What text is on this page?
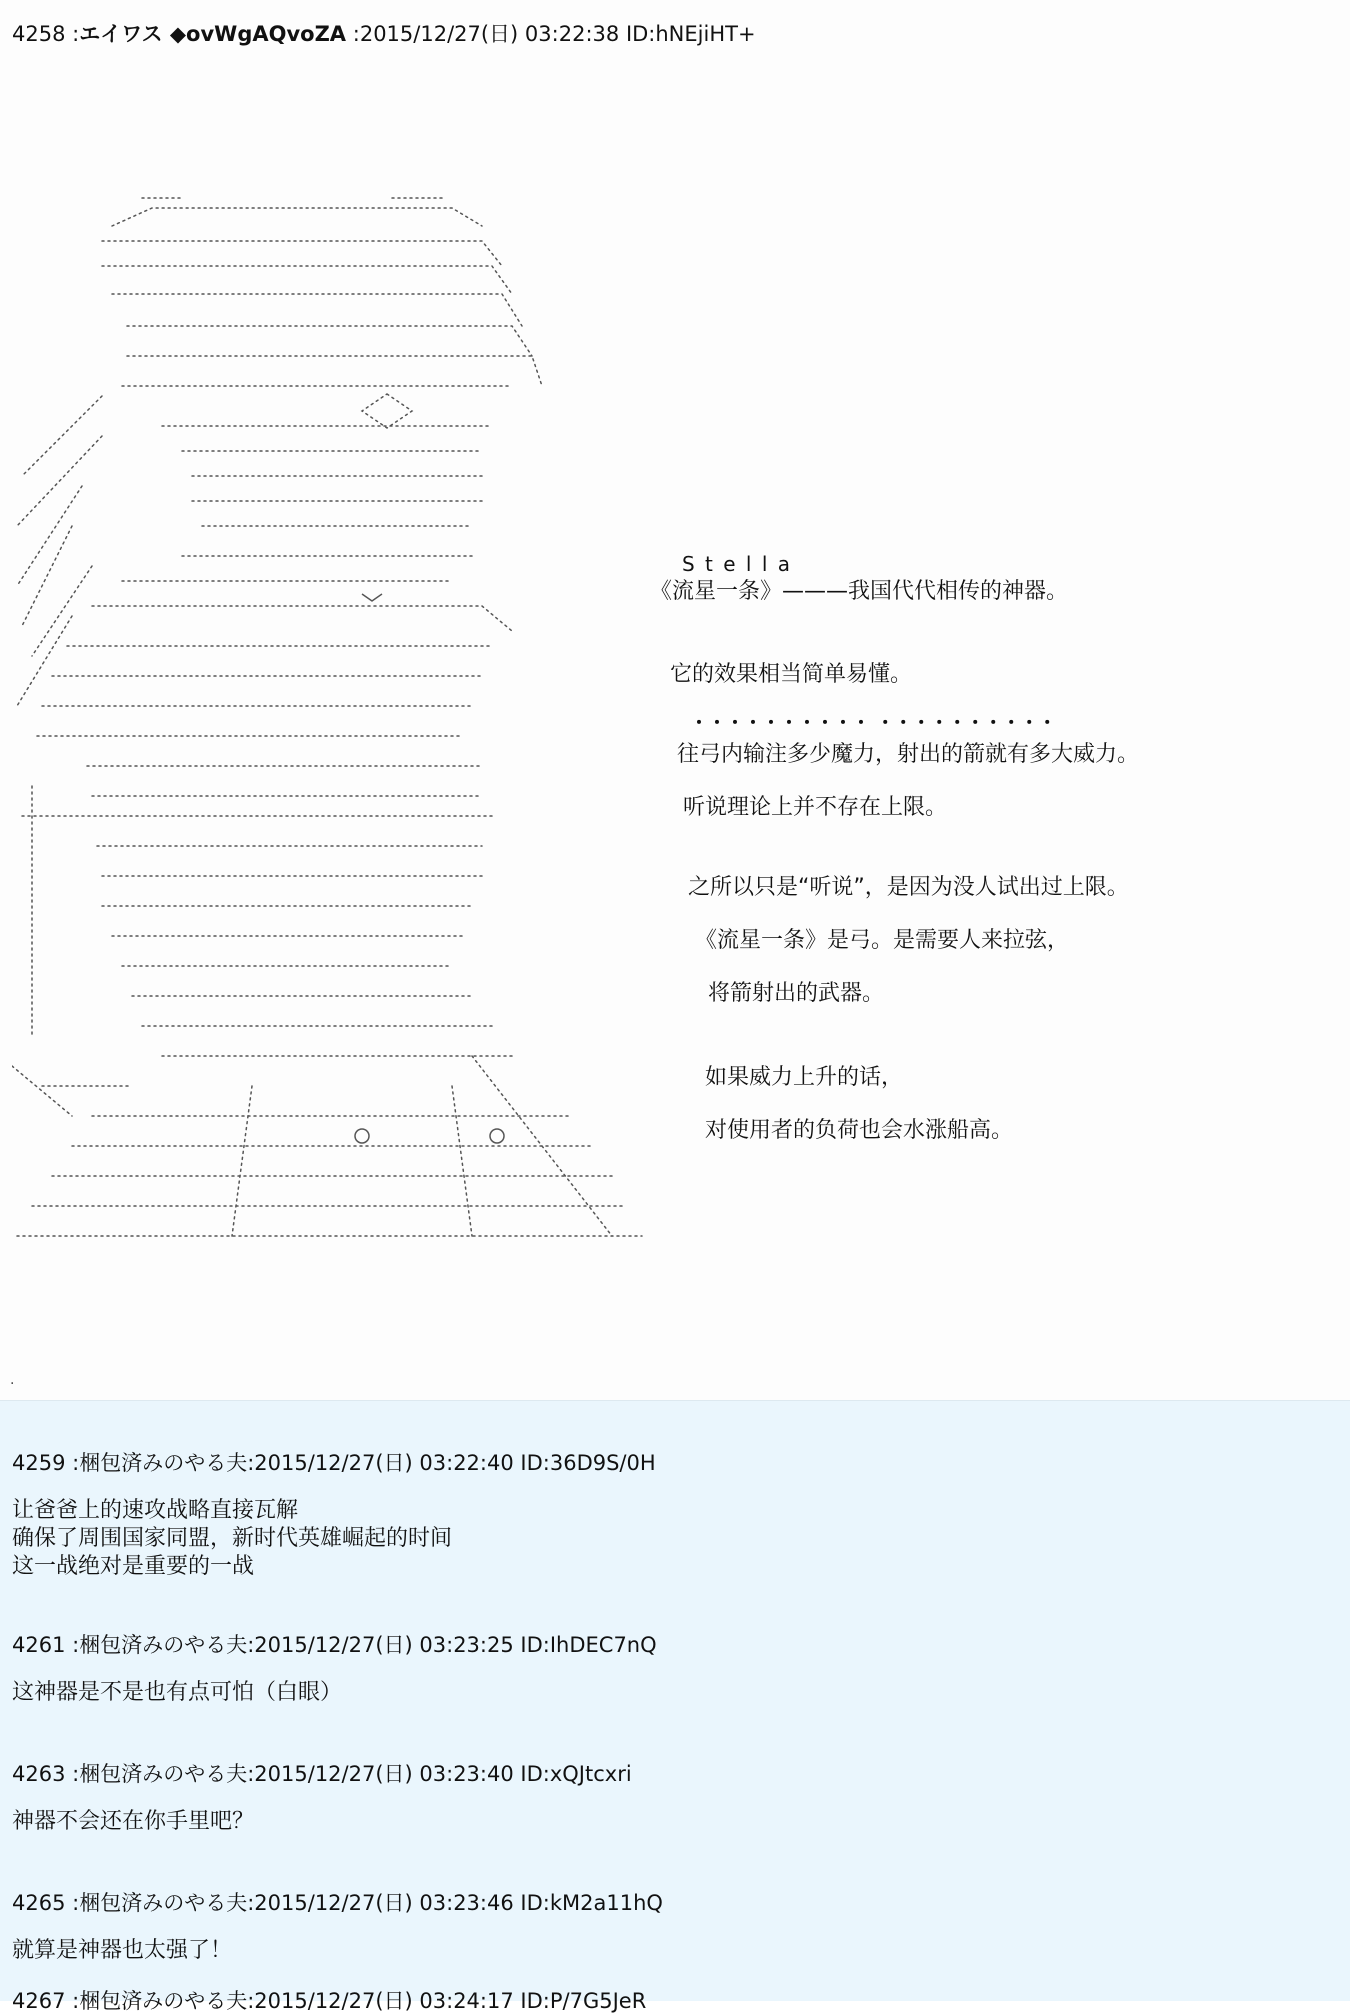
4258 :エイワス ◆ovWgAQvoZA :2015/12/27(日) 03:22:38 ID:hNEjiHT+
S t e l l a
《流星一条》———我国代代相传的神器。
它的效果相当简单易懂。
・・・・・・・・・・ ・・・・・・・・・・
往弓内输注多少魔力，射出的箭就有多大威力。
听说理论上并不存在上限。
之所以只是“听说”，是因为没人试出过上限。
《流星一条》是弓。是需要人来拉弦，
将箭射出的武器。
如果威力上升的话，
对使用者的负荷也会水涨船高。
.
4259 :梱包済みのやる夫:2015/12/27(日) 03:22:40 ID:36D9S/0H
让爸爸上的速攻战略直接瓦解
确保了周围国家同盟，新时代英雄崛起的时间
这一战绝对是重要的一战
4261 :梱包済みのやる夫:2015/12/27(日) 03:23:25 ID:IhDEC7nQ
这神器是不是也有点可怕（白眼）
4263 :梱包済みのやる夫:2015/12/27(日) 03:23:40 ID:xQJtcxri
神器不会还在你手里吧？
4265 :梱包済みのやる夫:2015/12/27(日) 03:23:46 ID:kM2a11hQ
就算是神器也太强了！
4267 :梱包済みのやる夫:2015/12/27(日) 03:24:17 ID:P/7G5JeR
